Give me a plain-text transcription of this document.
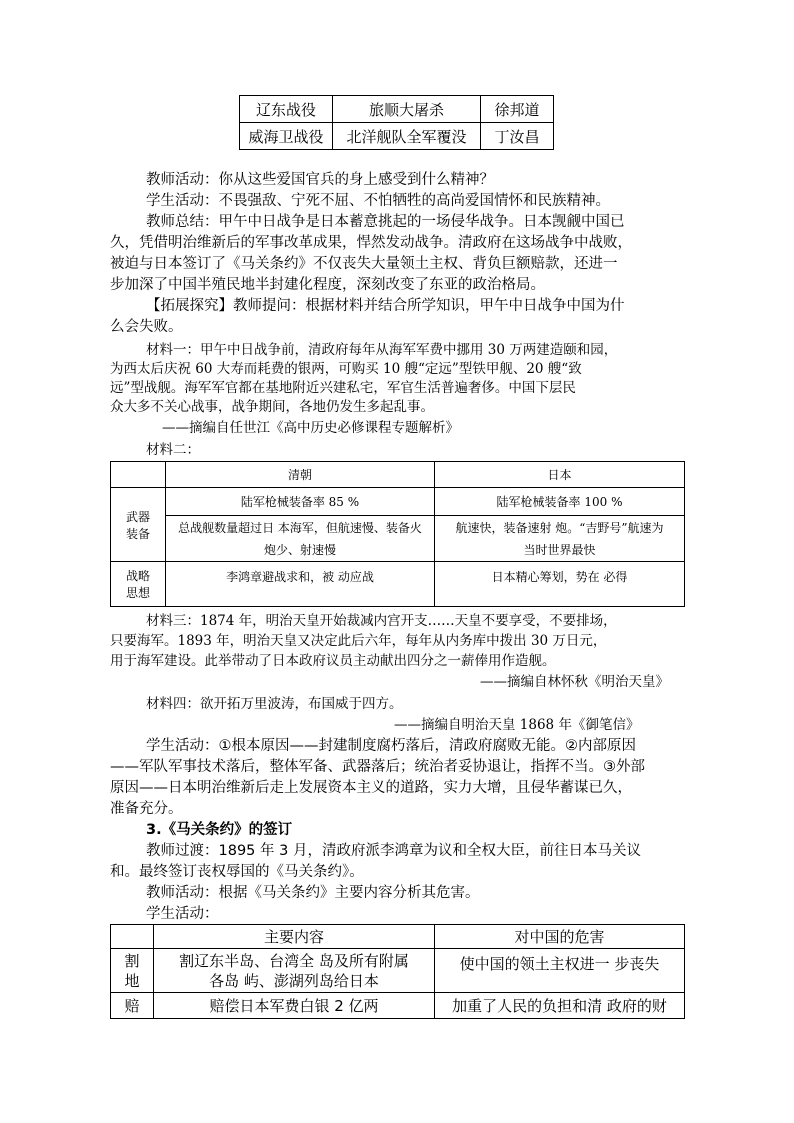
辽东战役	旅顺大屠杀	徐邦道
威海卫战役	北洋舰队全军覆没	丁汝昌
教师活动：你从这些爱国官兵的身上感受到什么精神？
学生活动：不畏强敌、宁死不屈、不怕牺牲的高尚爱国情怀和民族精神。
教师总结：甲午中日战争是日本蓄意挑起的一场侵华战争。日本觊觎中国已
久，凭借明治维新后的军事改革成果，悍然发动战争。清政府在这场战争中战败，
被迫与日本签订了《马关条约》不仅丧失大量领土主权、背负巨额赔款，还进一
步加深了中国半殖民地半封建化程度，深刻改变了东亚的政治格局。
【拓展探究】教师提问：根据材料并结合所学知识，甲午中日战争中国为什
么会失败。
材料一：甲午中日战争前，清政府每年从海军军费中挪用 30 万两建造颐和园，
为西太后庆祝 60 大寿而耗费的银两，可购买 10 艘“定远”型铁甲舰、20 艘“致
远”型战舰。海军军官都在基地附近兴建私宅，军官生活普遍奢侈。中国下层民
众大多不关心战事，战争期间，各地仍发生多起乱事。
——摘编自任世江《高中历史必修课程专题解析》
材料二：
	清朝	日本
武器装备	陆军枪械装备率 85 %	陆军枪械装备率 100 %
	总战舰数量超过日 本海军，但航速慢、装备火炮少、射速慢	航速快，装备速射 炮。“吉野号”航速为当时世界最快
战略思想	李鸿章避战求和，被 动应战	日本精心筹划，势在 必得
材料三：1874 年，明治天皇开始裁减内宫开支……天皇不要享受，不要排场，
只要海军。1893 年，明治天皇又决定此后六年，每年从内务库中拨出 30 万日元，
用于海军建设。此举带动了日本政府议员主动献出四分之一薪俸用作造舰。
——摘编自林怀秋《明治天皇》
材料四：欲开拓万里波涛，布国威于四方。
——摘编自明治天皇 1868 年《御笔信》
学生活动：①根本原因——封建制度腐朽落后，清政府腐败无能。②内部原因
——军队军事技术落后，整体军备、武器落后；统治者妥协退让，指挥不当。③外部
原因——日本明治维新后走上发展资本主义的道路，实力大增，且侵华蓄谋已久，
准备充分。
3.《马关条约》的签订
教师过渡：1895 年 3 月，清政府派李鸿章为议和全权大臣，前往日本马关议
和。最终签订丧权辱国的《马关条约》。
教师活动：根据《马关条约》主要内容分析其危害。
学生活动：
	主要内容	对中国的危害
割地	割辽东半岛、台湾全 岛及所有附属各岛 屿、澎湖列岛给日本	使中国的领土主权进一 步丧失
赔	赔偿日本军费白银 2 亿两	加重了人民的负担和清 政府的财
